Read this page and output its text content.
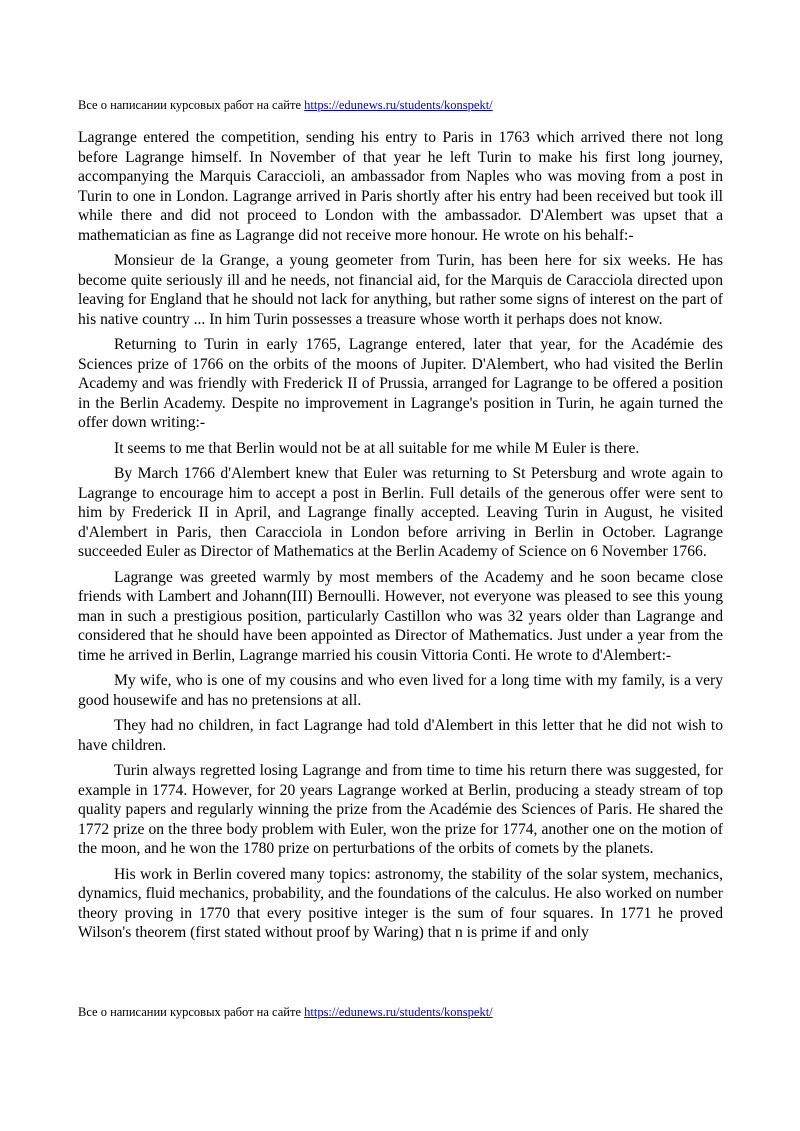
Все о написании курсовых работ на сайте https://edunews.ru/students/konspekt/

Lagrange entered the competition, sending his entry to Paris in 1763 which arrived there not long before Lagrange himself. In November of that year he left Turin to make his first long journey, accompanying the Marquis Caraccioli, an ambassador from Naples who was moving from a post in Turin to one in London. Lagrange arrived in Paris shortly after his entry had been received but took ill while there and did not proceed to London with the ambassador. D'Alembert was upset that a mathematician as fine as Lagrange did not receive more honour. He wrote on his behalf:-

Monsieur de la Grange, a young geometer from Turin, has been here for six weeks. He has become quite seriously ill and he needs, not financial aid, for the Marquis de Caracciola directed upon leaving for England that he should not lack for anything, but rather some signs of interest on the part of his native country ... In him Turin possesses a treasure whose worth it perhaps does not know.

Returning to Turin in early 1765, Lagrange entered, later that year, for the Académie des Sciences prize of 1766 on the orbits of the moons of Jupiter. D'Alembert, who had visited the Berlin Academy and was friendly with Frederick II of Prussia, arranged for Lagrange to be offered a position in the Berlin Academy. Despite no improvement in Lagrange's position in Turin, he again turned the offer down writing:-

It seems to me that Berlin would not be at all suitable for me while M Euler is there.

By March 1766 d'Alembert knew that Euler was returning to St Petersburg and wrote again to Lagrange to encourage him to accept a post in Berlin. Full details of the generous offer were sent to him by Frederick II in April, and Lagrange finally accepted. Leaving Turin in August, he visited d'Alembert in Paris, then Caracciola in London before arriving in Berlin in October. Lagrange succeeded Euler as Director of Mathematics at the Berlin Academy of Science on 6 November 1766.

Lagrange was greeted warmly by most members of the Academy and he soon became close friends with Lambert and Johann(III) Bernoulli. However, not everyone was pleased to see this young man in such a prestigious position, particularly Castillon who was 32 years older than Lagrange and considered that he should have been appointed as Director of Mathematics. Just under a year from the time he arrived in Berlin, Lagrange married his cousin Vittoria Conti. He wrote to d'Alembert:-

My wife, who is one of my cousins and who even lived for a long time with my family, is a very good housewife and has no pretensions at all.

They had no children, in fact Lagrange had told d'Alembert in this letter that he did not wish to have children.

Turin always regretted losing Lagrange and from time to time his return there was suggested, for example in 1774. However, for 20 years Lagrange worked at Berlin, producing a steady stream of top quality papers and regularly winning the prize from the Académie des Sciences of Paris. He shared the 1772 prize on the three body problem with Euler, won the prize for 1774, another one on the motion of the moon, and he won the 1780 prize on perturbations of the orbits of comets by the planets.

His work in Berlin covered many topics: astronomy, the stability of the solar system, mechanics, dynamics, fluid mechanics, probability, and the foundations of the calculus. He also worked on number theory proving in 1770 that every positive integer is the sum of four squares. In 1771 he proved Wilson's theorem (first stated without proof by Waring) that n is prime if and only

Все о написании курсовых работ на сайте https://edunews.ru/students/konspekt/
